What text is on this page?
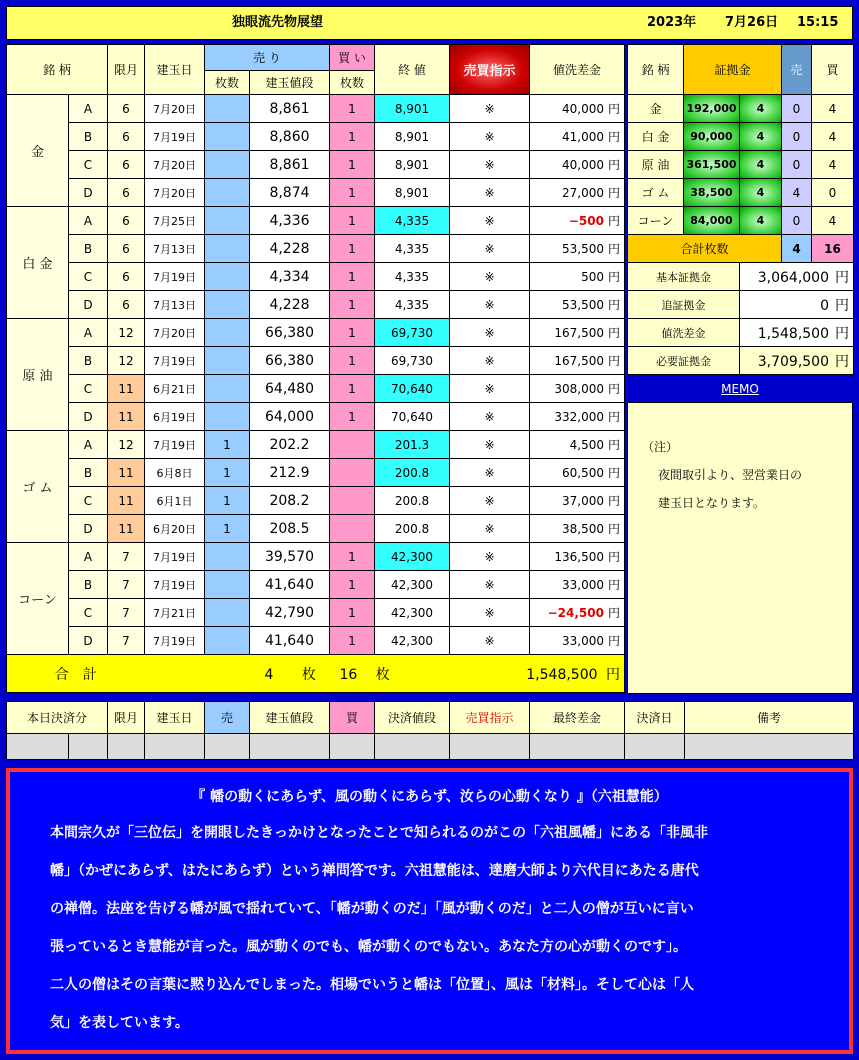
独眼流先物展望	2023年 7月26日 15:15
銘 柄		限月	建玉日	売 り		買 い	終 値	売買指示	値洗差金
				枚数	建玉値段	枚数			
金	A	6	7月20日		8,861	1	8,901	※	40,000 円
	B	6	7月19日		8,860	1	8,901	※	41,000 円
	C	6	7月20日		8,861	1	8,901	※	40,000 円
	D	6	7月20日		8,874	1	8,901	※	27,000 円
白 金	A	6	7月25日		4,336	1	4,335	※	−500 円
	B	6	7月13日		4,228	1	4,335	※	53,500 円
	C	6	7月19日		4,334	1	4,335	※	500 円
	D	6	7月13日		4,228	1	4,335	※	53,500 円
原 油	A	12	7月20日		66,380	1	69,730	※	167,500 円
	B	12	7月19日		66,380	1	69,730	※	167,500 円
	C	11	6月21日		64,480	1	70,640	※	308,000 円
	D	11	6月19日		64,000	1	70,640	※	332,000 円
ゴ ム	A	12	7月19日	1	202.2		201.3	※	4,500 円
	B	11	6月8日	1	212.9		200.8	※	60,500 円
	C	11	6月1日	1	208.2		200.8	※	37,000 円
	D	11	6月20日	1	208.5		200.8	※	38,500 円
コーン	A	7	7月19日		39,570	1	42,300	※	136,500 円
	B	7	7月19日		41,640	1	42,300	※	33,000 円
	C	7	7月21日		42,790	1	42,300	※	−24,500 円
	D	7	7月19日		41,640	1	42,300	※	33,000 円
合　計				4 枚		16 枚		1,548,500 円	
銘 柄	証拠金		売	買
金	192,000	4	0	4
白 金	90,000	4	0	4
原 油	361,500	4	0	4
ゴ ム	38,500	4	4	0
コーン	84,000	4	0	4
合計枚数			4	16
基本証拠金		3,064,000 円		
追証拠金		0 円		
値洗差金		1,548,500 円		
必要証拠金		3,709,500 円		
MEMO
（注）
夜間取引より、翌営業日の
建玉日となります。
本日決済分		限月	建玉日	売	建玉値段	買	決済値段	売買指示	最終差金	決済日	備考

『 幡の動くにあらず、風の動くにあらず、汝らの心動くなり 』（六祖慧能）
本間宗久が「三位伝」を開眼したきっかけとなったことで知られるのがこの「六祖風幡」にある「非風非
幡」（かぜにあらず、はたにあらず）という禅問答です。六祖慧能は、達磨大師より六代目にあたる唐代
の禅僧。法座を告げる幡が風で揺れていて、「幡が動くのだ」「風が動くのだ」と二人の僧が互いに言い
張っているとき慧能が言った。風が動くのでも、幡が動くのでもない。あなた方の心が動くのです」。
二人の僧はその言葉に黙り込んでしまった。相場でいうと幡は「位置」、風は「材料」。そして心は「人
気」を表しています。
